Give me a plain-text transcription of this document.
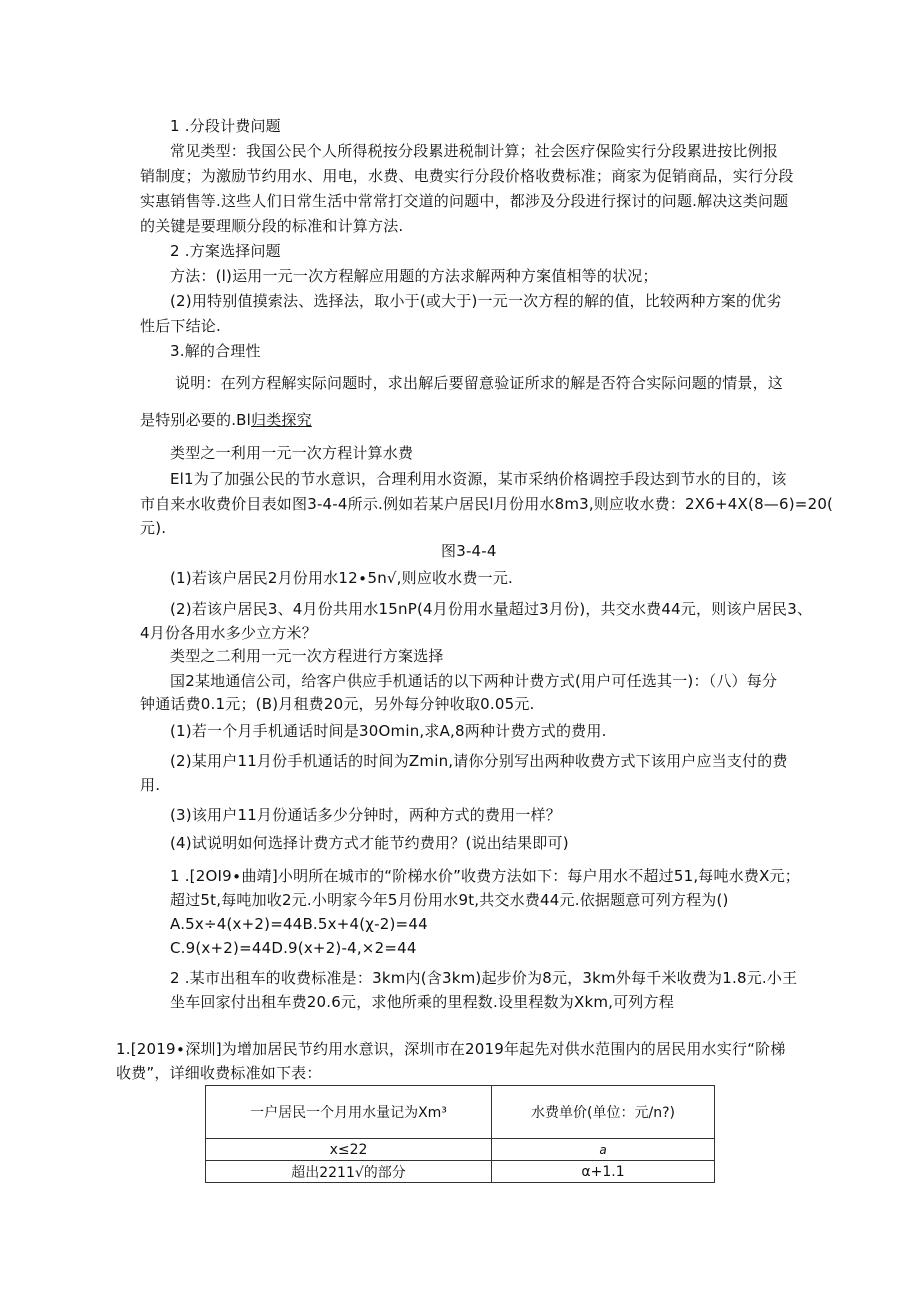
1 .分段计费问题
常见类型：我国公民个人所得税按分段累进税制计算；社会医疗保险实行分段累进按比例报
销制度；为激励节约用水、用电，水费、电费实行分段价格收费标准；商家为促销商品，实行分段
实惠销售等.这些人们日常生活中常常打交道的问题中，都涉及分段进行探讨的问题.解决这类问题
的关键是要理顺分段的标准和计算方法.
2 .方案选择问题
方法：(l)运用一元一次方程解应用题的方法求解两种方案值相等的状况；
(2)用特别值摸索法、选择法，取小于(或大于)一元一次方程的解的值，比较两种方案的优劣
性后下结论.
3.解的合理性
说明：在列方程解实际问题时，求出解后要留意验证所求的解是否符合实际问题的情景，这
是特别必要的.Bl归类探究
类型之一利用一元一次方程计算水费
El1为了加强公民的节水意识，合理利用水资源，某市采纳价格调控手段达到节水的目的，该
市自来水收费价目表如图3-4-4所示.例如若某户居民l月份用水8m3,则应收水费：2X6+4X(8—6)=20(
元).
图3-4-4
(1)若该户居民2月份用水12∙5n√,则应收水费一元.
(2)若该户居民3、4月份共用水15nP(4月份用水量超过3月份)，共交水费44元，则该户居民3、
4月份各用水多少立方米？
类型之二利用一元一次方程进行方案选择
国2某地通信公司，给客户供应手机通话的以下两种计费方式(用户可任选其一)：（八）每分
钟通话费0.1元；(B)月租费20元，另外每分钟收取0.05元.
(1)若一个月手机通话时间是30Omin,求A,8两种计费方式的费用.
(2)某用户11月份手机通话的时间为Zmin,请你分别写出两种收费方式下该用户应当支付的费
用.
(3)该用户11月份通话多少分钟时，两种方式的费用一样？
(4)试说明如何选择计费方式才能节约费用？(说出结果即可)
1 .[2OI9∙曲靖]小明所在城市的“阶梯水价”收费方法如下：每户用水不超过51,每吨水费X元；
超过5t,每吨加收2元.小明家今年5月份用水9t,共交水费44元.依据题意可列方程为()
A.5x÷4(x+2)=44B.5x+4(χ-2)=44
C.9(x+2)=44D.9(x+2)-4,×2=44
2 .某市出租车的收费标准是：3km内(含3km)起步价为8元，3km外每千米收费为1.8元.小王
坐车回家付出租车费20.6元，求他所乘的里程数.设里程数为Xkm,可列方程
1.[2019∙深圳]为增加居民节约用水意识，深圳市在2019年起先对供水范围内的居民用水实行“阶梯
收费”，详细收费标准如下表：
一户居民一个月用水量记为Xm³	水费单价(单位：元/n?)
x≤22	a
超出2211√的部分	α+1.1
